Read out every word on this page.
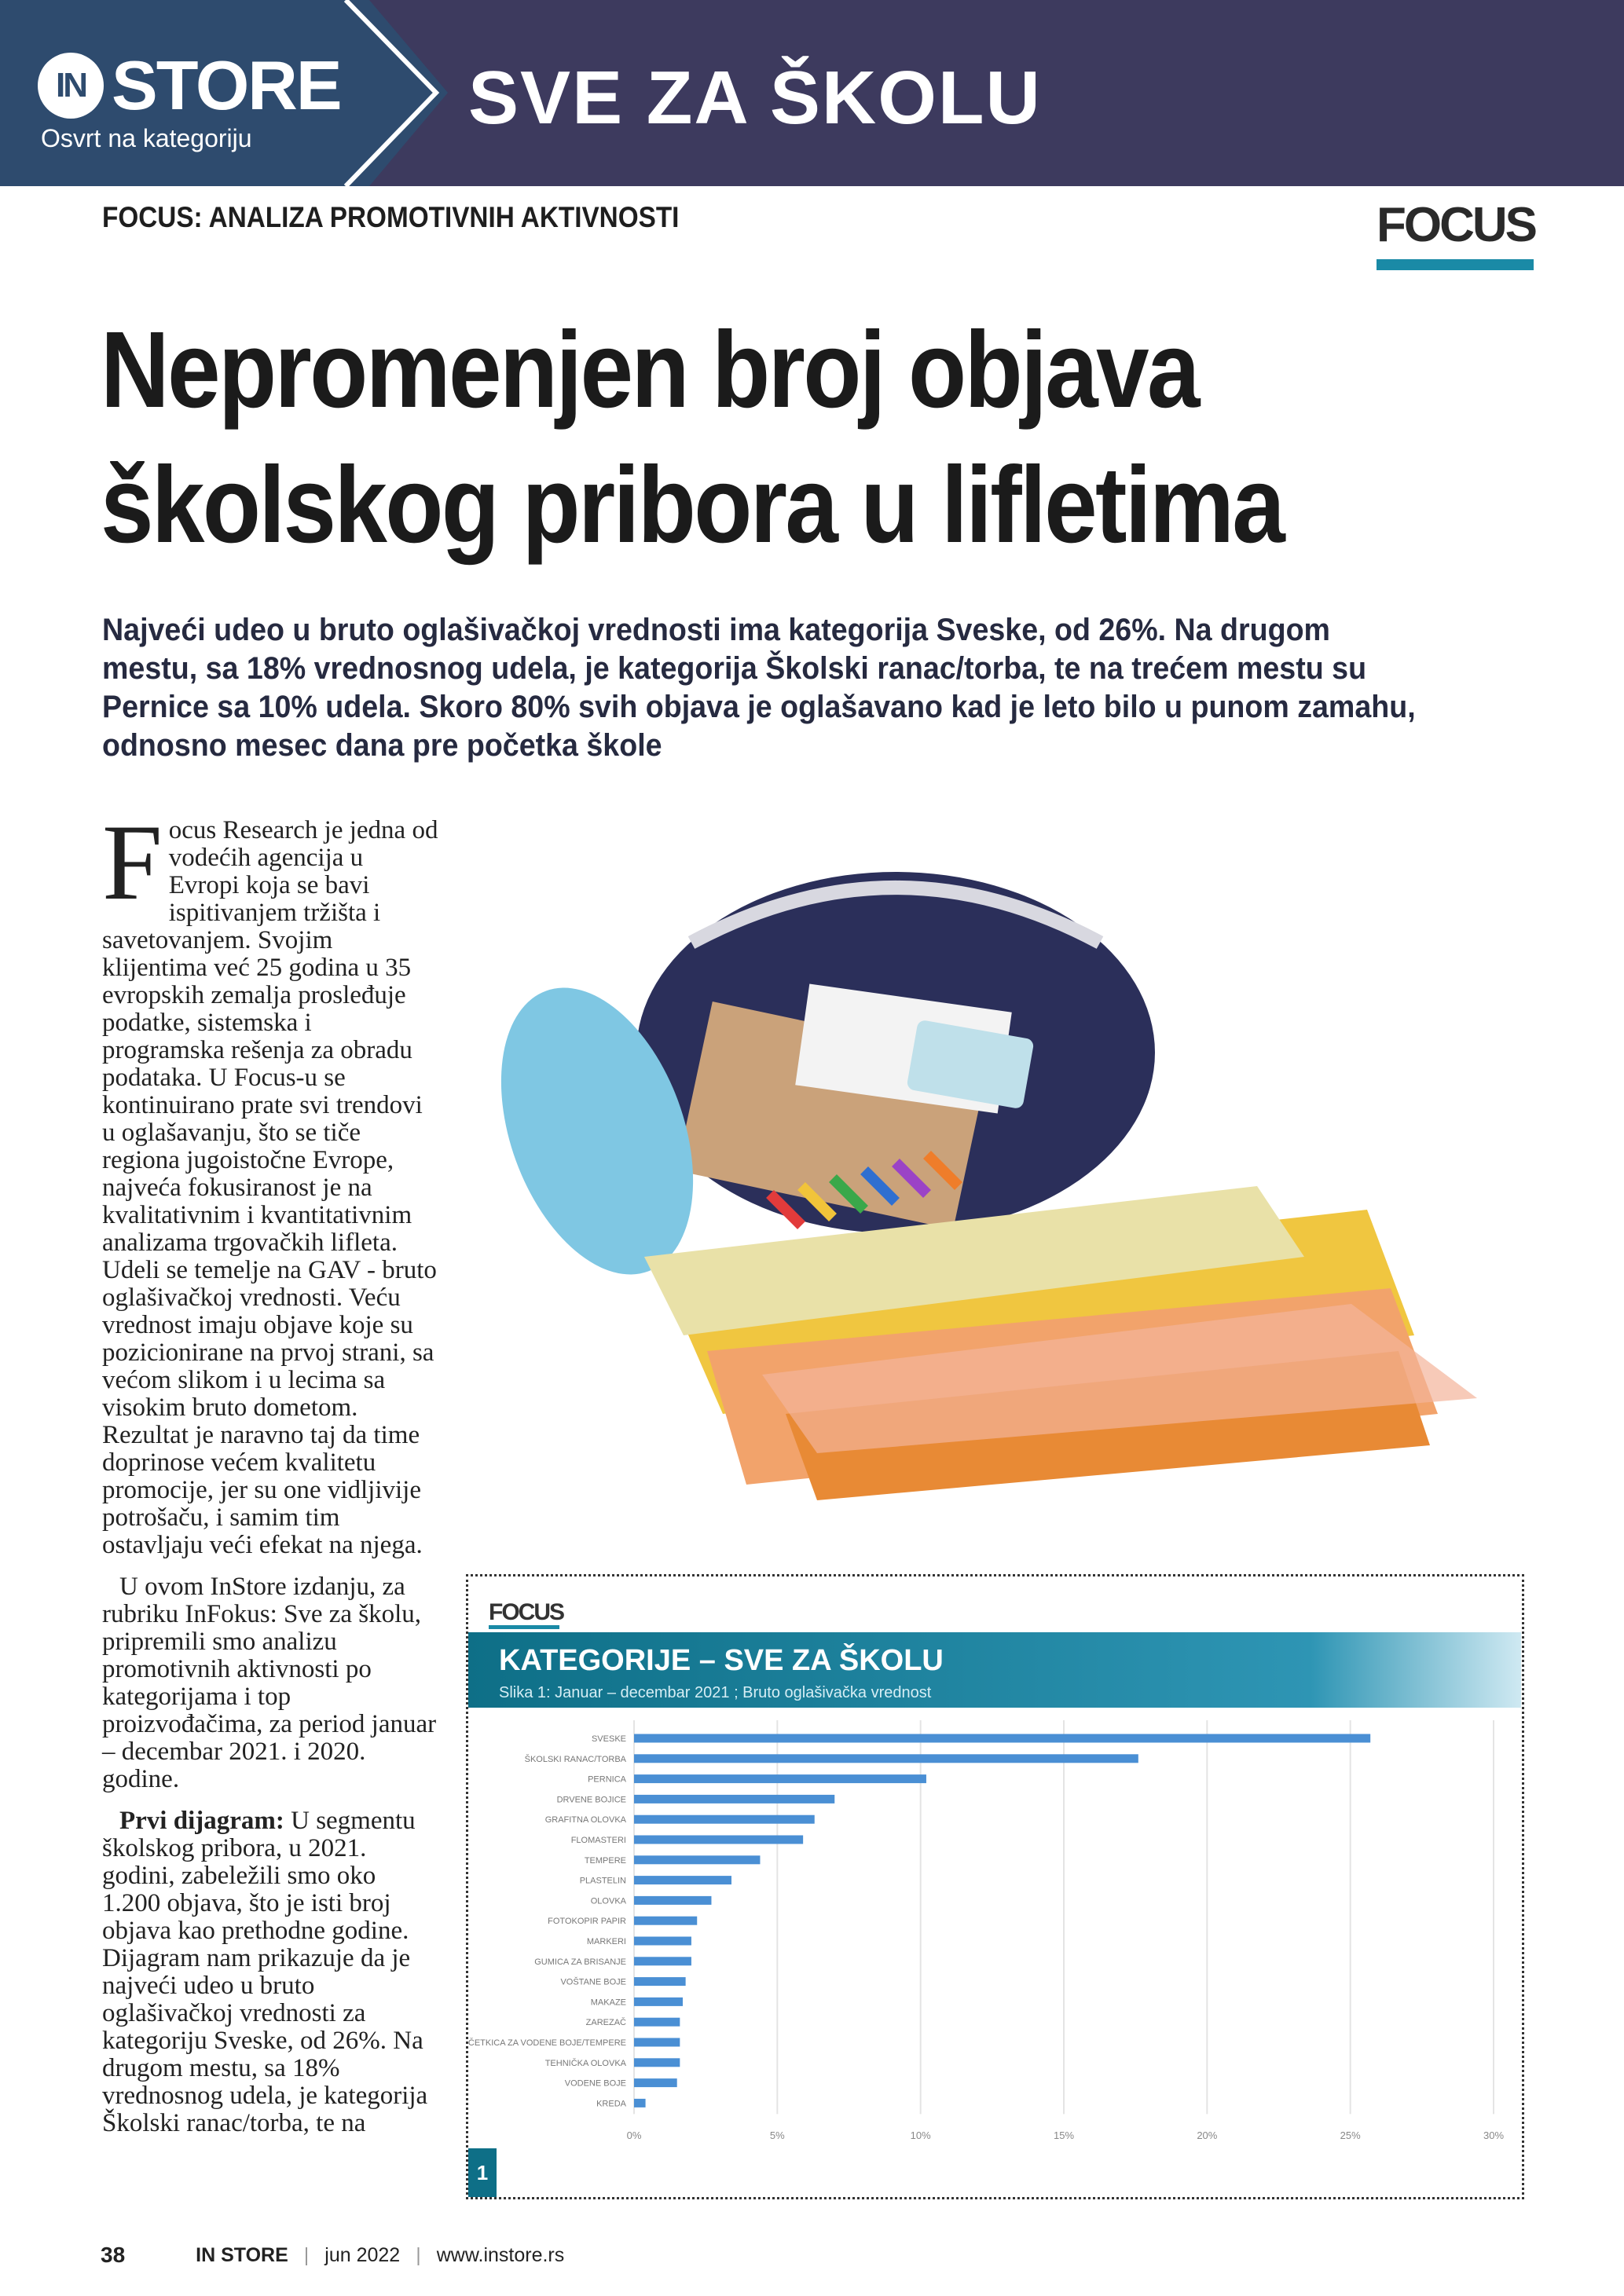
IN STORE
Osvrt na kategoriju	SVE ZA ŠKOLU
FOCUS: ANALIZA PROMOTIVNIH AKTIVNOSTI	FOCUS
Nepromenjen broj objava školskog pribora u lifletima
Najveći udeo u bruto oglašivačkoj vrednosti ima kategorija Sveske, od 26%. Na drugom mestu, sa 18% vrednosnog udela, je kategorija Školski ranac/torba, te na trećem mestu su Pernice sa 10% udela. Skoro 80% svih objava je oglašavano kad je leto bilo u punom zamahu, odnosno mesec dana pre početka škole

Focus Research je jedna od vodećih agencija u Evropi koja se bavi ispitivanjem tržišta i savetovanjem. Svojim klijentima već 25 godina u 35 evropskih zemalja prosleđuje podatke, sistemska i programska rešenja za obradu podataka. U Focus-u se kontinuirano prate svi trendovi u oglašavanju, što se tiče regiona jugoistočne Evrope, najveća fokusiranost je na kvalitativnim i kvantitativnim analizama trgovačkih lifleta. Udeli se temelje na GAV - bruto oglašivačkoj vrednosti. Veću vrednost imaju objave koje su pozicionirane na prvoj strani, sa većom slikom i u lecima sa visokim bruto dometom. Rezultat je naravno taj da time doprinose većem kvalitetu promocije, jer su one vidljivije potrošaču, i samim tim ostavljaju veći efekat na njega.

U ovom InStore izdanju, za rubriku InFokus: Sve za školu, pripremili smo analizu promotivnih aktivnosti po kategorijama i top proizvođačima, za period januar – decembar 2021. i 2020. godine.

Prvi dijagram: U segmentu školskog pribora, u 2021. godini, zabeležili smo oko 1.200 objava, što je isti broj objava kao prethodne godine. Dijagram nam prikazuje da je najveći udeo u bruto oglašivačkoj vrednosti za kategoriju Sveske, od 26%. Na drugom mestu, sa 18% vrednosnog udela, je kategorija Školski ranac/torba, te na

FOCUS
KATEGORIJE – SVE ZA ŠKOLU
Slika 1: Januar – decembar 2021 ; Bruto oglašivačka vrednost
0%	5%	10%	15%	20%	25%	30%
SVESKE
ŠKOLSKI RANAC/TORBA
PERNICA
DRVENE BOJICE
GRAFITNA OLOVKA
FLOMASTERI
TEMPERE
PLASTELIN
OLOVKA
FOTOKOPIR PAPIR
MARKERI
GUMICA ZA BRISANJE
VOŠTANE BOJE
MAKAZE
ZAREZAČ
ČETKICA ZA VODENE BOJE/TEMPERE
TEHNIČKA OLOVKA
VODENE BOJE
KREDA
1
38	IN STORE | jun 2022 | www.instore.rs
